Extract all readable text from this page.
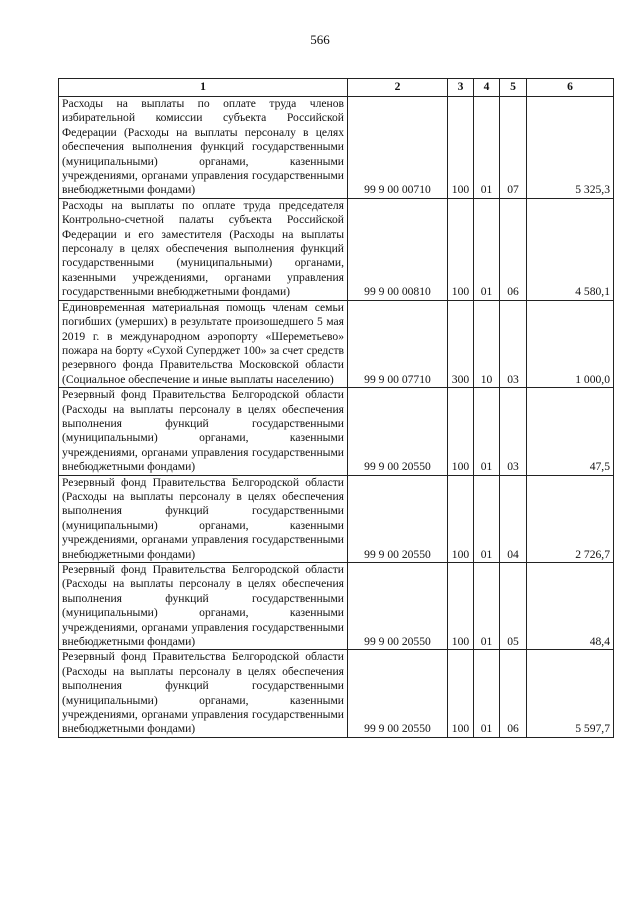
566
1	2	3	4	5	6
Расходы на выплаты по оплате труда членов избирательной комиссии субъекта Российской Федерации (Расходы на выплаты персоналу в целях обеспечения выполнения функций государственными (муниципальными) органами, казенными учреждениями, органами управления государственными внебюджетными фондами)	99 9 00 00710	100	01	07	5 325,3
Расходы на выплаты по оплате труда председателя Контрольно-счетной палаты субъекта Российской Федерации и его заместителя (Расходы на выплаты персоналу в целях обеспечения выполнения функций государственными (муниципальными) органами, казенными учреждениями, органами управления государственными внебюджетными фондами)	99 9 00 00810	100	01	06	4 580,1
Единовременная материальная помощь членам семьи погибших (умерших) в результате произошедшего 5 мая 2019 г. в международном аэропорту «Шереметьево» пожара на борту «Сухой Суперджет 100» за счет средств резервного фонда Правительства Московской области (Социальное обеспечение и иные выплаты населению)	99 9 00 07710	300	10	03	1 000,0
Резервный фонд Правительства Белгородской области (Расходы на выплаты персоналу в целях обеспечения выполнения функций государственными (муниципальными) органами, казенными учреждениями, органами управления государственными внебюджетными фондами)	99 9 00 20550	100	01	03	47,5
Резервный фонд Правительства Белгородской области (Расходы на выплаты персоналу в целях обеспечения выполнения функций государственными (муниципальными) органами, казенными учреждениями, органами управления государственными внебюджетными фондами)	99 9 00 20550	100	01	04	2 726,7
Резервный фонд Правительства Белгородской области (Расходы на выплаты персоналу в целях обеспечения выполнения функций государственными (муниципальными) органами, казенными учреждениями, органами управления государственными внебюджетными фондами)	99 9 00 20550	100	01	05	48,4
Резервный фонд Правительства Белгородской области (Расходы на выплаты персоналу в целях обеспечения выполнения функций государственными (муниципальными) органами, казенными учреждениями, органами управления государственными внебюджетными фондами)	99 9 00 20550	100	01	06	5 597,7
